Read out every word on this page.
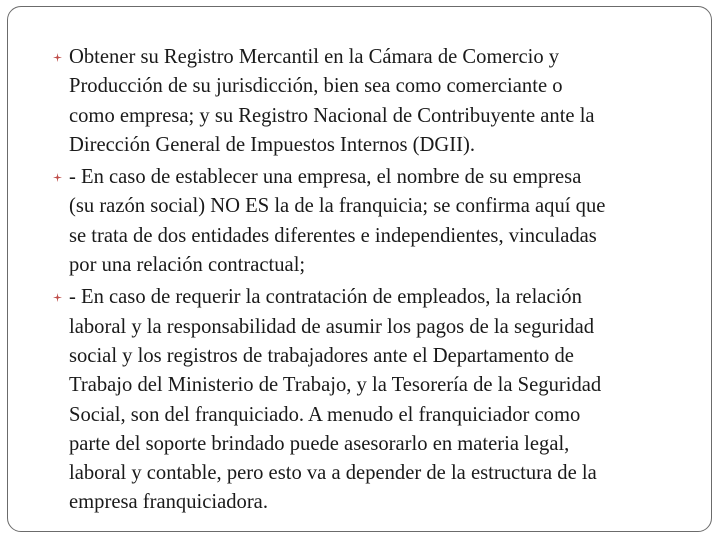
Obtener su Registro Mercantil en la Cámara de Comercio y
Producción de su jurisdicción, bien sea como comerciante o
como empresa; y su Registro Nacional de Contribuyente ante la
Dirección General de Impuestos Internos (DGII).
- En caso de establecer una empresa, el nombre de su empresa
(su razón social) NO ES la de la franquicia; se confirma aquí que
se trata de dos entidades diferentes e independientes, vinculadas
por una relación contractual;
- En caso de requerir la contratación de empleados, la relación
laboral y la responsabilidad de asumir los pagos de la seguridad
social y los registros de trabajadores ante el Departamento de
Trabajo del Ministerio de Trabajo, y la Tesorería de la Seguridad
Social, son del franquiciado. A menudo el franquiciador como
parte del soporte brindado puede asesorarlo en materia legal,
laboral y contable, pero esto va a depender de la estructura de la
empresa franquiciadora.
